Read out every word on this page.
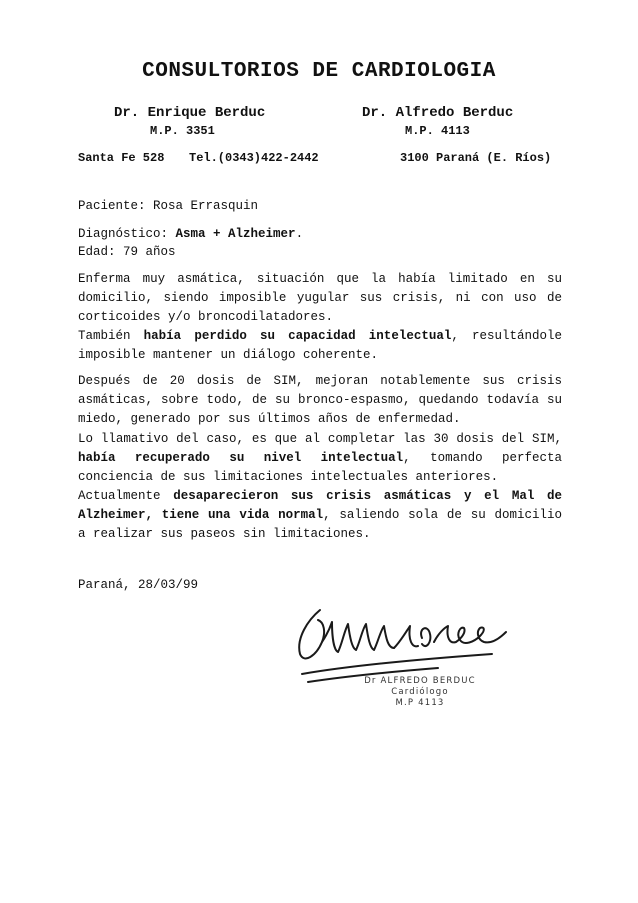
CONSULTORIOS DE CARDIOLOGIA
Dr. Enrique Berduc
M.P. 3351
Dr. Alfredo Berduc
M.P. 4113
Santa Fe 528 Tel.(0343)422-2442	3100 Paraná (E. Ríos)
Paciente: Rosa Errasquin
Diagnóstico: Asma + Alzheimer.
Edad: 79 años
Enferma muy asmática, situación que la había limitado en su domicilio, siendo imposible yugular sus crisis, ni con uso de corticoides y/o broncodilatadores.
También había perdido su capacidad intelectual, resultándole imposible mantener un diálogo coherente.
Después de 20 dosis de SIM, mejoran notablemente sus crisis asmáticas, sobre todo, de su bronco-espasmo, quedando todavía su miedo, generado por sus últimos años de enfermedad.
Lo llamativo del caso, es que al completar las 30 dosis del SIM, había recuperado su nivel intelectual, tomando perfecta conciencia de sus limitaciones intelectuales anteriores.
Actualmente desaparecieron sus crisis asmáticas y el Mal de Alzheimer, tiene una vida normal, saliendo sola de su domicilio a realizar sus paseos sin limitaciones.
Paraná, 28/03/99
Dr ALFREDO BERDUC
Cardiólogo
M.P 4113
